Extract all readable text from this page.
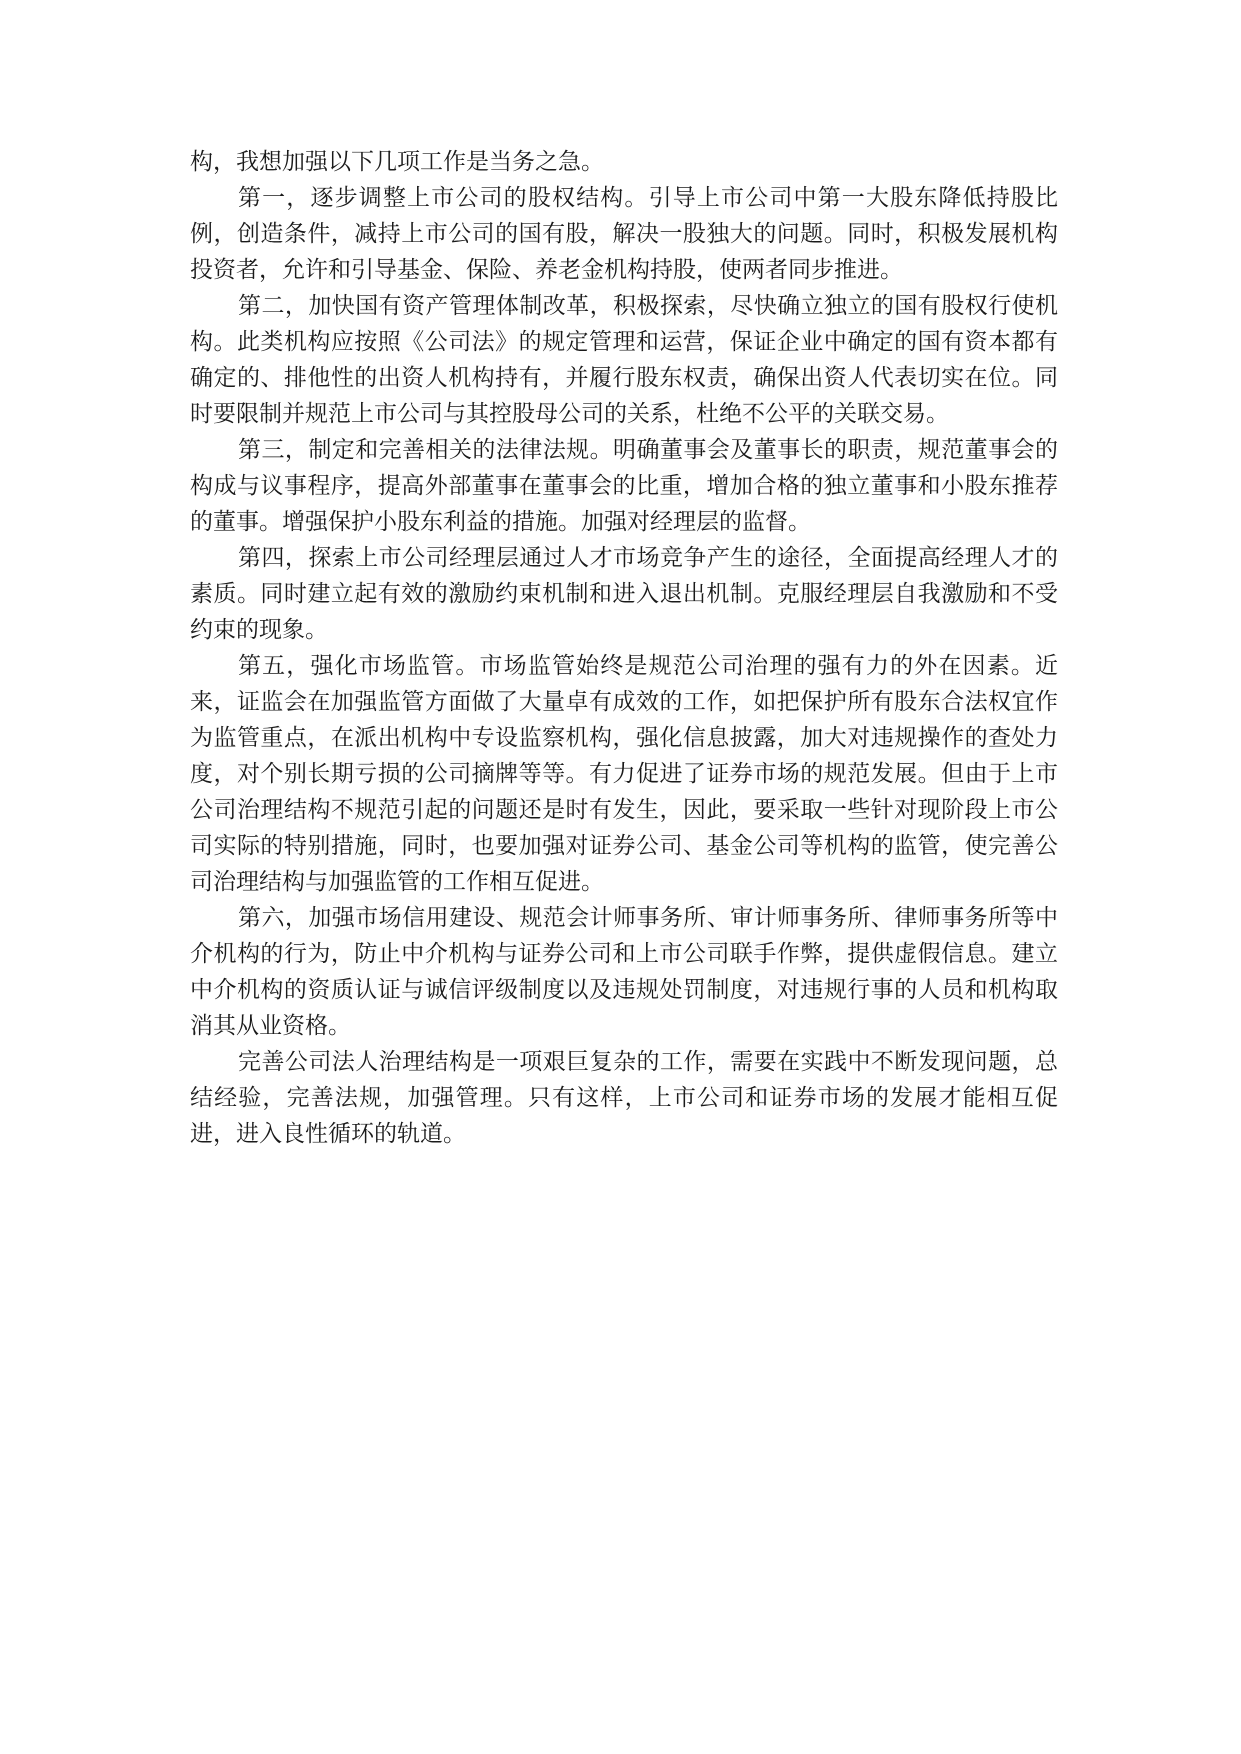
构，我想加强以下几项工作是当务之急。

第一，逐步调整上市公司的股权结构。引导上市公司中第一大股东降低持股比例，创造条件，减持上市公司的国有股，解决一股独大的问题。同时，积极发展机构投资者，允许和引导基金、保险、养老金机构持股，使两者同步推进。

第二，加快国有资产管理体制改革，积极探索，尽快确立独立的国有股权行使机构。此类机构应按照《公司法》的规定管理和运营，保证企业中确定的国有资本都有确定的、排他性的出资人机构持有，并履行股东权责，确保出资人代表切实在位。同时要限制并规范上市公司与其控股母公司的关系，杜绝不公平的关联交易。

第三，制定和完善相关的法律法规。明确董事会及董事长的职责，规范董事会的构成与议事程序，提高外部董事在董事会的比重，增加合格的独立董事和小股东推荐的董事。增强保护小股东利益的措施。加强对经理层的监督。

第四，探索上市公司经理层通过人才市场竞争产生的途径，全面提高经理人才的素质。同时建立起有效的激励约束机制和进入退出机制。克服经理层自我激励和不受约束的现象。

第五，强化市场监管。市场监管始终是规范公司治理的强有力的外在因素。近来，证监会在加强监管方面做了大量卓有成效的工作，如把保护所有股东合法权宜作为监管重点，在派出机构中专设监察机构，强化信息披露，加大对违规操作的查处力度，对个别长期亏损的公司摘牌等等。有力促进了证券市场的规范发展。但由于上市公司治理结构不规范引起的问题还是时有发生，因此，要采取一些针对现阶段上市公司实际的特别措施，同时，也要加强对证券公司、基金公司等机构的监管，使完善公司治理结构与加强监管的工作相互促进。

第六，加强市场信用建设、规范会计师事务所、审计师事务所、律师事务所等中介机构的行为，防止中介机构与证券公司和上市公司联手作弊，提供虚假信息。建立中介机构的资质认证与诚信评级制度以及违规处罚制度，对违规行事的人员和机构取消其从业资格。

完善公司法人治理结构是一项艰巨复杂的工作，需要在实践中不断发现问题，总结经验，完善法规，加强管理。只有这样，上市公司和证券市场的发展才能相互促进，进入良性循环的轨道。
